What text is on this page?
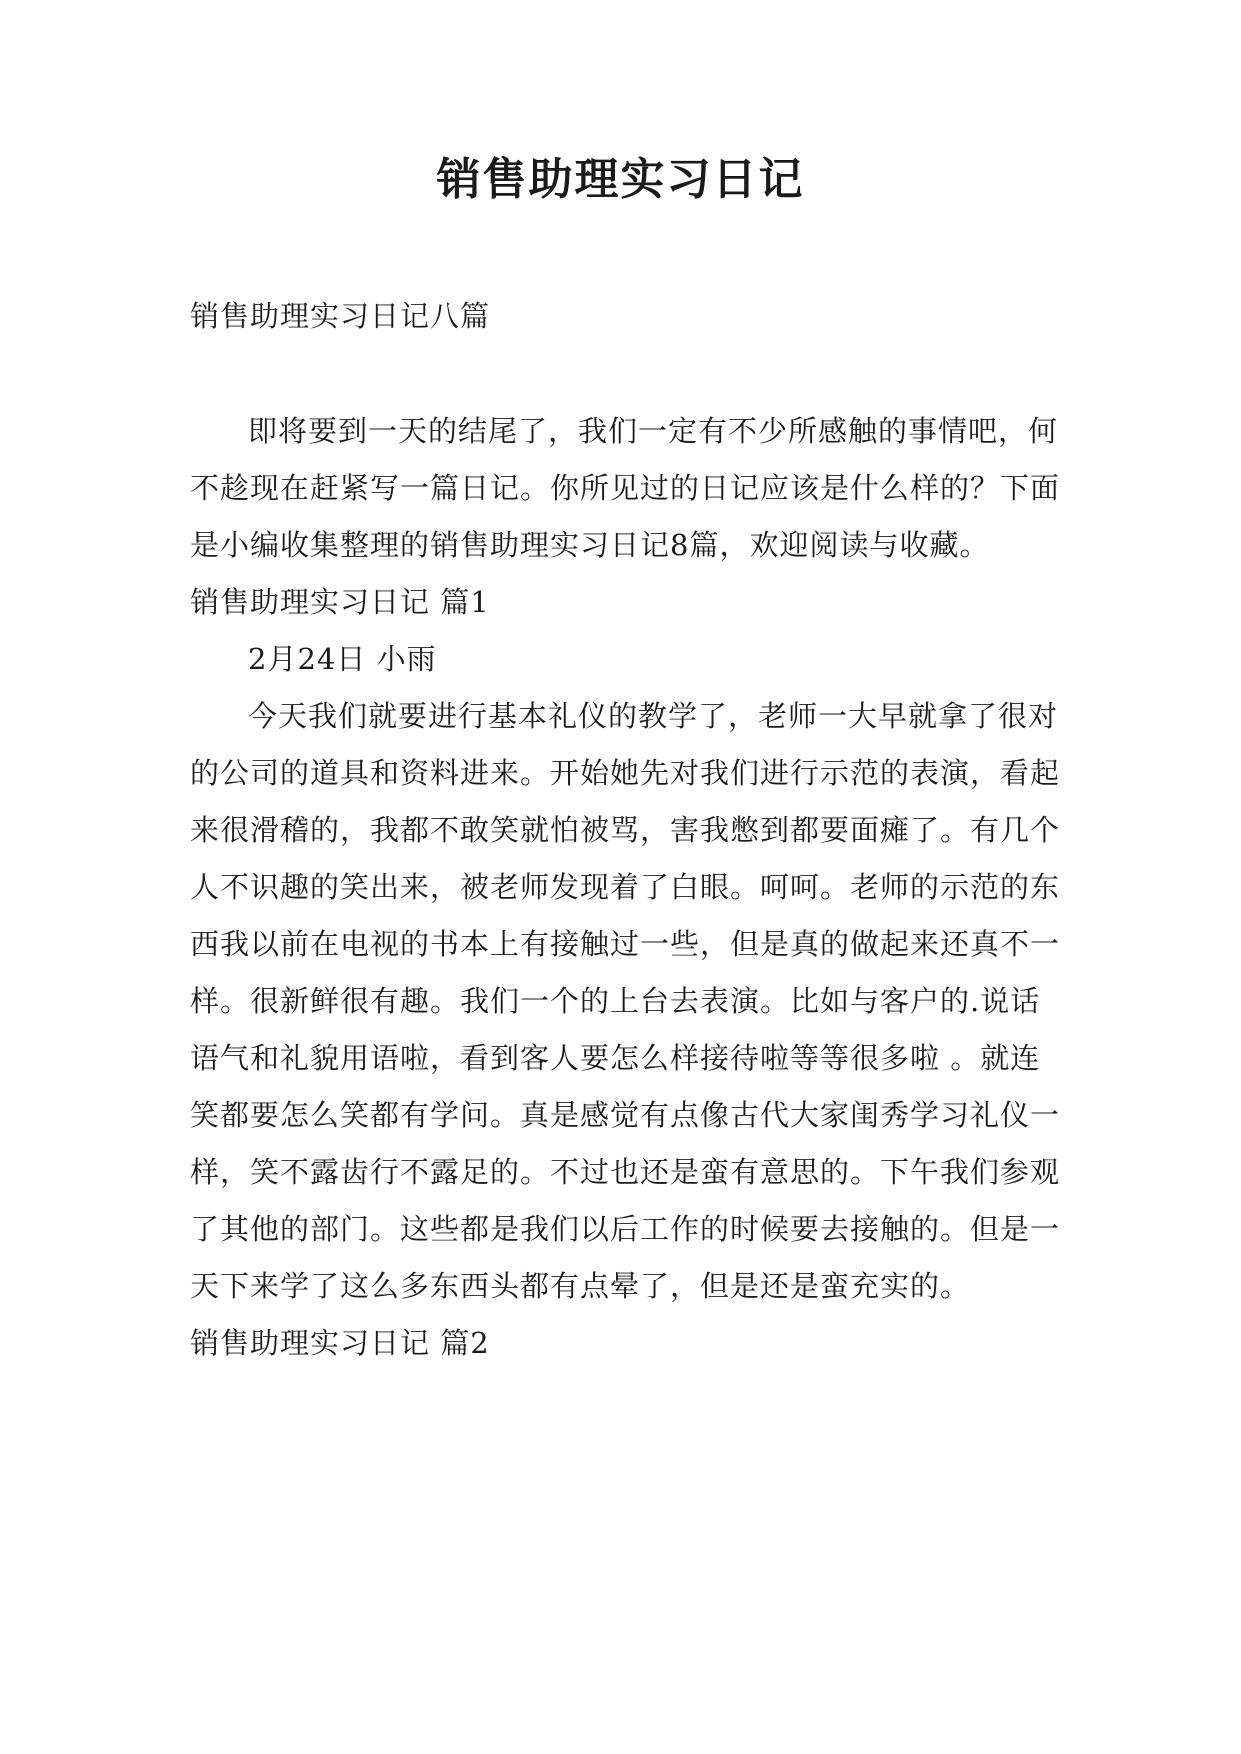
销售助理实习日记

销售助理实习日记八篇

即将要到一天的结尾了，我们一定有不少所感触的事情吧，何不趁现在赶紧写一篇日记。你所见过的日记应该是什么样的？下面是小编收集整理的销售助理实习日记8篇，欢迎阅读与收藏。

销售助理实习日记 篇1

2月24日 小雨

今天我们就要进行基本礼仪的教学了，老师一大早就拿了很对的公司的道具和资料进来。开始她先对我们进行示范的表演，看起来很滑稽的，我都不敢笑就怕被骂，害我憋到都要面瘫了。有几个人不识趣的笑出来，被老师发现着了白眼。呵呵。老师的示范的东西我以前在电视的书本上有接触过一些，但是真的做起来还真不一样。很新鲜很有趣。我们一个的上台去表演。比如与客户的.说话语气和礼貌用语啦，看到客人要怎么样接待啦等等很多啦 。就连笑都要怎么笑都有学问。真是感觉有点像古代大家闺秀学习礼仪一样，笑不露齿行不露足的。不过也还是蛮有意思的。下午我们参观了其他的部门。这些都是我们以后工作的时候要去接触的。但是一天下来学了这么多东西头都有点晕了，但是还是蛮充实的。

销售助理实习日记 篇2
